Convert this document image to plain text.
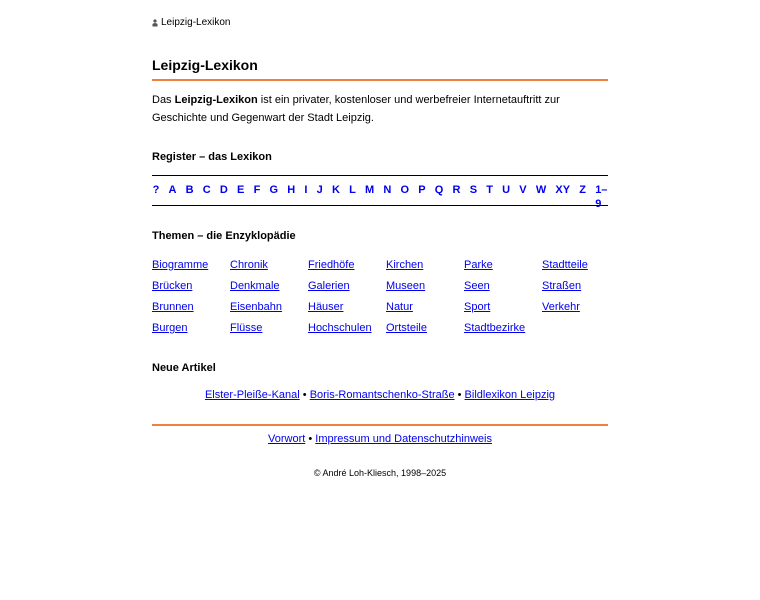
Leipzig-Lexikon
Leipzig-Lexikon
Das Leipzig-Lexikon ist ein privater, kostenloser und werbefreier Internetauftritt zur Geschichte und Gegenwart der Stadt Leipzig.
Register – das Lexikon
? A B C D E F G H I J K L M N O P Q R S T U V W XY Z 1–9
Themen – die Enzyklopädie
Biogramme	Chronik	Friedhöfe	Kirchen	Parke	Stadtteile
Brücken	Denkmale	Galerien	Museen	Seen	Straßen
Brunnen	Eisenbahn	Häuser	Natur	Sport	Verkehr
Burgen	Flüsse	Hochschulen	Ortsteile	Stadtbezirke
Neue Artikel
Elster-Pleiße-Kanal • Boris-Romantschenko-Straße • Bildlexikon Leipzig
Vorwort • Impressum und Datenschutzhinweis
© André Loh-Kliesch, 1998–2025
